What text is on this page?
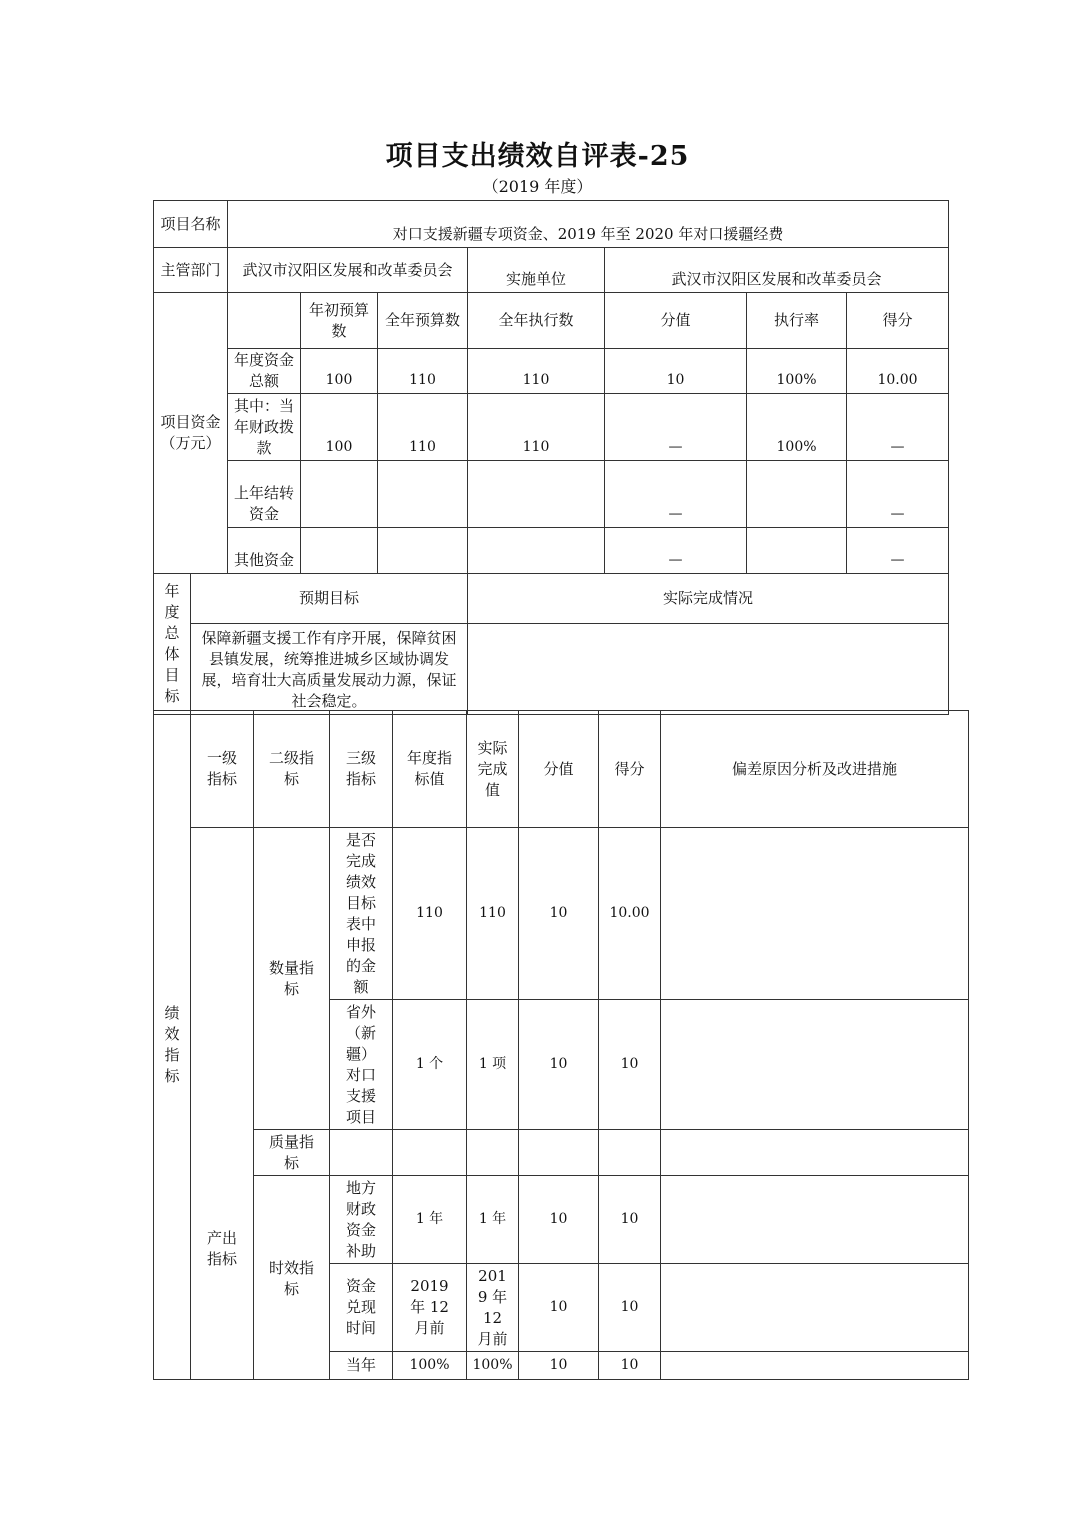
项目支出绩效自评表-25
（2019 年度）
项目名称		对口支援新疆专项资金、2019 年至 2020 年对口援疆经费						
主管部门		武汉市汉阳区发展和改革委员会			实施单位	武汉市汉阳区发展和改革委员会		
项目资金（万元）			年初预算数	全年预算数	全年执行数	分值	执行率	得分
		年度资金总额	100	110	110	10	100%	10.00
		其中：当年财政拨款	100	110	110	—	100%	—
		上年结转资金				—		—
		其他资金				—		—
年度总体目标	预期目标				实际完成情况			
	保障新疆支援工作有序开展，保障贫困县镇发展，统筹推进城乡区域协调发展，培育壮大高质量发展动力源，保证社会稳定。							
绩效指标	一级指标	二级指标	三级指标	年度指标值	实际完成值	分值	得分	偏差原因分析及改进措施
	产出指标	数量指标	是否完成绩效目标表中申报的金额	110	110	10	10.00	
			省外（新疆）对口支援项目	1 个	1 项	10	10	
		质量指标						
		时效指标	地方财政资金补助	1 年	1 年	10	10	
			资金兑现时间	2019 年 12 月前	2019 年 12 月前	10	10	
			当年	100%	100%	10	10	
